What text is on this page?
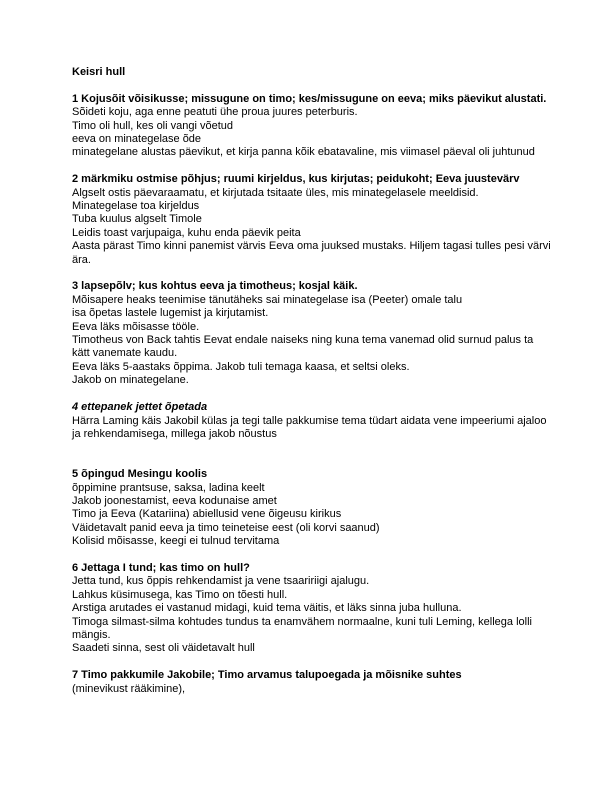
Keisri hull

1 Kojusõit võisikusse; missugune on timo; kes/missugune on eeva; miks päevikut alustati.

Sõideti koju, aga enne peatuti ühe proua juures peterburis.

Timo oli hull, kes oli vangi võetud

eeva on minategelase õde

minategelane alustas päevikut, et kirja panna kõik ebatavaline, mis viimasel päeval oli juhtunud

2 märkmiku ostmise põhjus; ruumi kirjeldus, kus kirjutas; peidukoht; Eeva juustevärv

Algselt ostis päevaraamatu, et kirjutada tsitaate üles, mis minategelasele meeldisid.

Minategelase toa kirjeldus

Tuba kuulus algselt Timole

Leidis toast varjupaiga, kuhu enda päevik peita

Aasta pärast Timo kinni panemist värvis Eeva oma juuksed mustaks. Hiljem tagasi tulles pesi värvi ära.

3 lapsepõlv; kus kohtus eeva ja timotheus; kosjal käik.

Mõisapere heaks teenimise tänutäheks sai minategelase isa (Peeter) omale talu

isa õpetas lastele lugemist ja kirjutamist.

Eeva läks mõisasse tööle.

Timotheus von Back tahtis Eevat endale naiseks ning kuna tema vanemad olid surnud palus ta kätt vanemate kaudu.

Eeva läks 5-aastaks õppima. Jakob tuli temaga kaasa, et seltsi oleks.

Jakob on minategelane.

4 ettepanek jettet õpetada

Härra Laming käis Jakobil külas ja tegi talle pakkumise tema tüdart aidata vene impeeriumi ajaloo ja rehkendamisega, millega jakob nõustus

5 õpingud Mesingu koolis

õppimine prantsuse, saksa, ladina keelt

Jakob joonestamist, eeva kodunaise amet

Timo ja Eeva (Katariina) abiellusid vene õigeusu kirikus

Väidetavalt panid eeva ja timo teineteise eest (oli korvi saanud)

Kolisid mõisasse, keegi ei tulnud tervitama

6 Jettaga I tund; kas timo on hull?

Jetta tund, kus õppis rehkendamist ja vene tsaaririigi ajalugu.

Lahkus küsimusega, kas Timo on tõesti hull.

Arstiga arutades ei vastanud midagi, kuid tema väitis, et läks sinna juba hulluna.

Timoga silmast-silma kohtudes tundus ta enamvähem normaalne, kuni tuli Leming, kellega lolli mängis.

Saadeti sinna, sest oli väidetavalt hull

7 Timo pakkumile Jakobile; Timo arvamus talupoegada ja mõisnike suhtes

(minevikust rääkimine),
